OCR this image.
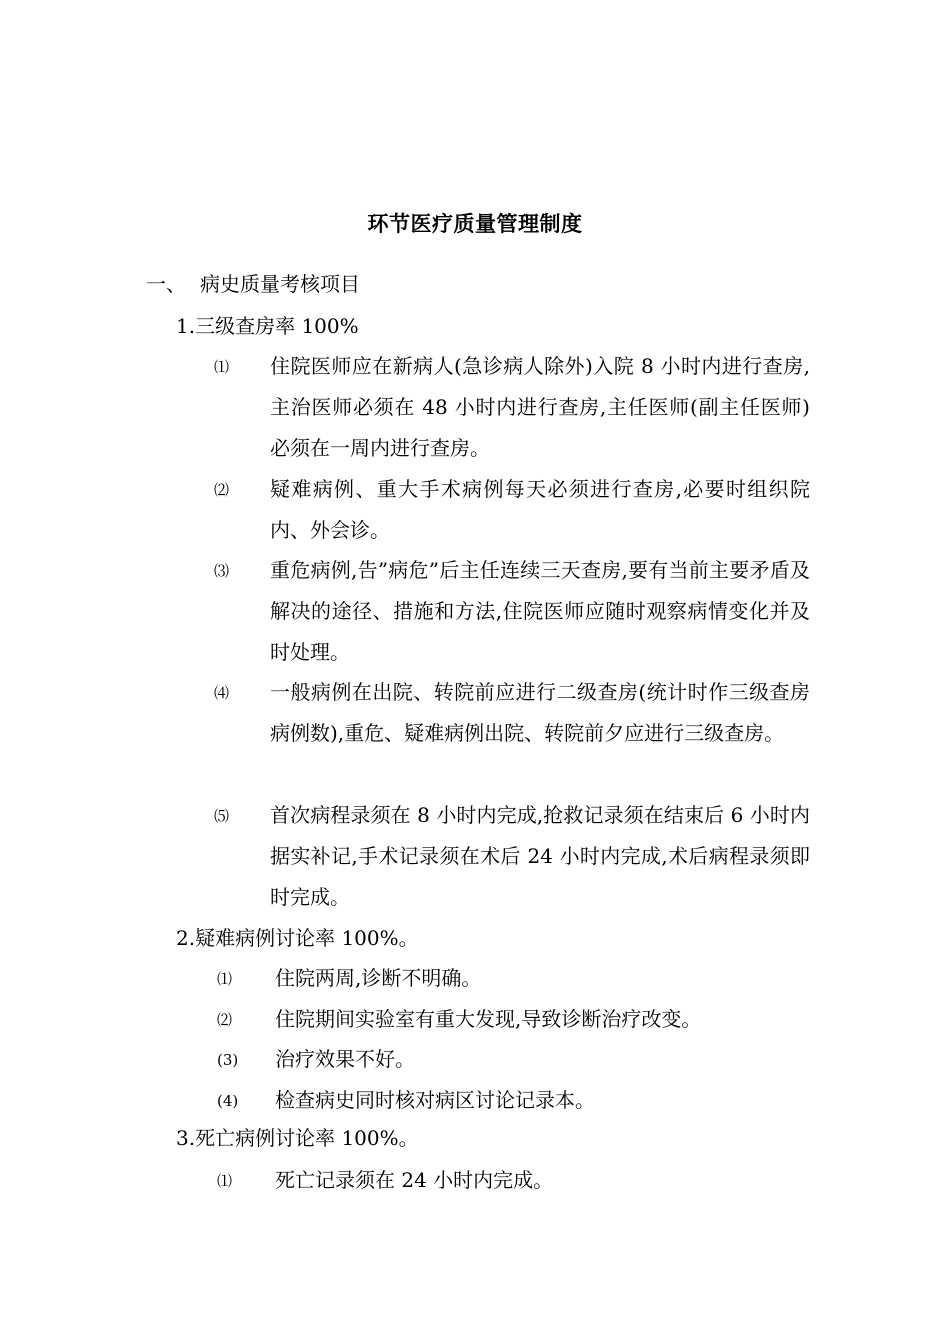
环节医疗质量管理制度
一、 病史质量考核项目
1.三级查房率 100%
⑴ 住院医师应在新病人(急诊病人除外)入院 8 小时内进行查房,主治医师必须在 48 小时内进行查房,主任医师(副主任医师)必须在一周内进行查房。
⑵ 疑难病例、重大手术病例每天必须进行查房,必要时组织院内、外会诊。
⑶ 重危病例,告”病危”后主任连续三天查房,要有当前主要矛盾及解决的途径、措施和方法,住院医师应随时观察病情变化并及时处理。
⑷ 一般病例在出院、转院前应进行二级查房(统计时作三级查房病例数),重危、疑难病例出院、转院前夕应进行三级查房。
⑸ 首次病程录须在 8 小时内完成,抢救记录须在结束后 6 小时内据实补记,手术记录须在术后 24 小时内完成,术后病程录须即时完成。
2.疑难病例讨论率 100%。
⑴ 住院两周,诊断不明确。
⑵ 住院期间实验室有重大发现,导致诊断治疗改变。
(3) 治疗效果不好。
(4) 检查病史同时核对病区讨论记录本。
3.死亡病例讨论率 100%。
⑴ 死亡记录须在 24 小时内完成。
